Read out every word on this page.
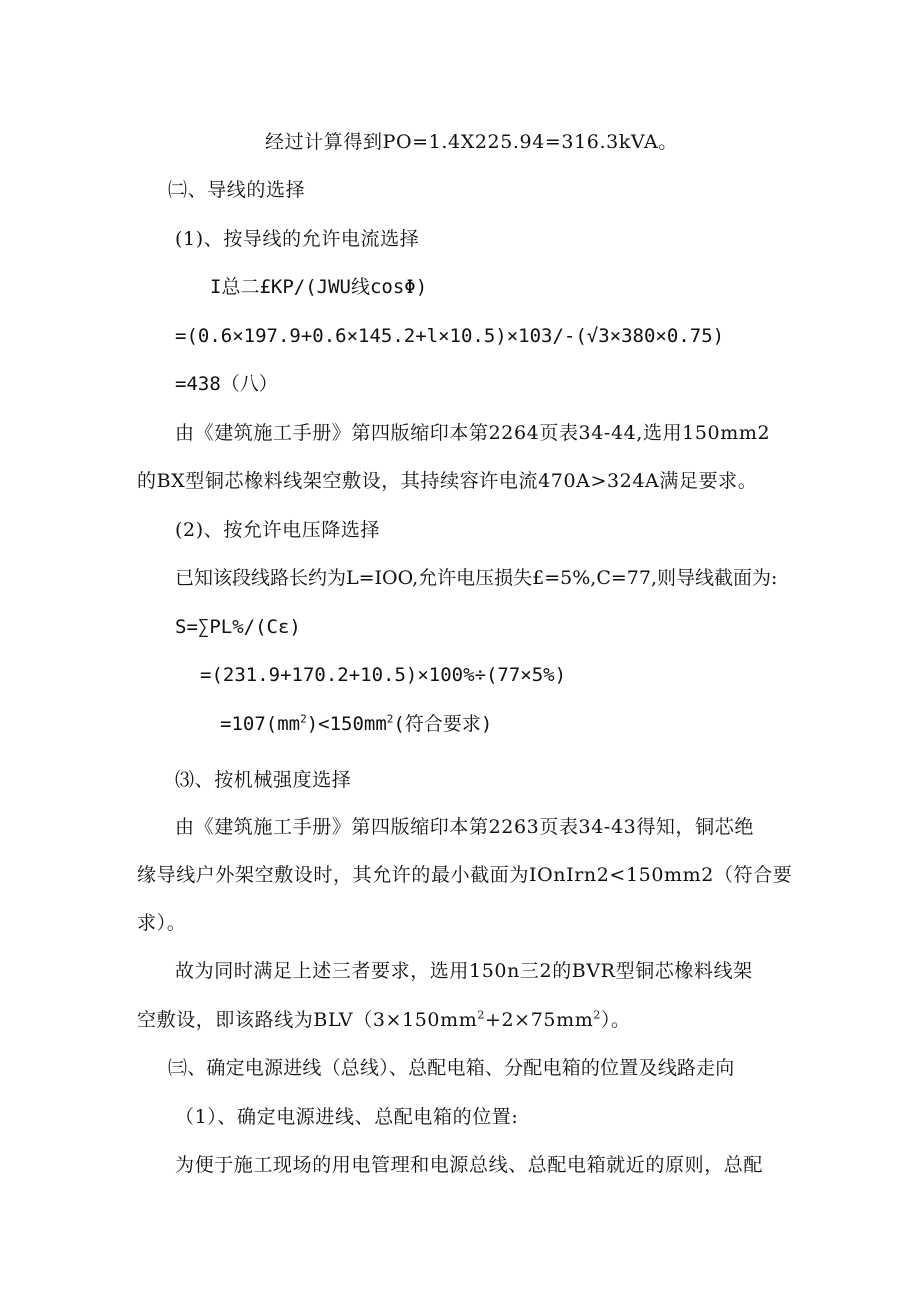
经过计算得到PO=1.4X225.94=316.3kVA。
㈡、导线的选择
(1)、按导线的允许电流选择
I总二£KP/(JWU线cosΦ)
=(0.6×197.9+0.6×145.2+l×10.5)×103/-(√3×380×0.75)
=438（八）
由《建筑施工手册》第四版缩印本第2264页表34-44,选用150mm2
的BX型铜芯橡料线架空敷设，其持续容许电流470A>324A满足要求。
(2)、按允许电压降选择
已知该段线路长约为L=IOO,允许电压损失£=5%,C=77,则导线截面为:
S=∑PL%/(Cε)
=(231.9+170.2+10.5)×100%÷(77×5%)
$=107(mm^2)<150mm^2$(符合要求)
⑶、按机械强度选择
由《建筑施工手册》第四版缩印本第2263页表34-43得知，铜芯绝
缘导线户外架空敷设时，其允许的最小截面为IOnIrn2<150mm2（符合要
求）。
故为同时满足上述三者要求，选用150n三2的BVR型铜芯橡料线架
空敷设，即该路线为$BLV(3\times 150mm^2+2\times 75mm^2)$。
㈢、确定电源进线（总线）、总配电箱、分配电箱的位置及线路走向
（1）、确定电源进线、总配电箱的位置:
为便于施工现场的用电管理和电源总线、总配电箱就近的原则，总配
